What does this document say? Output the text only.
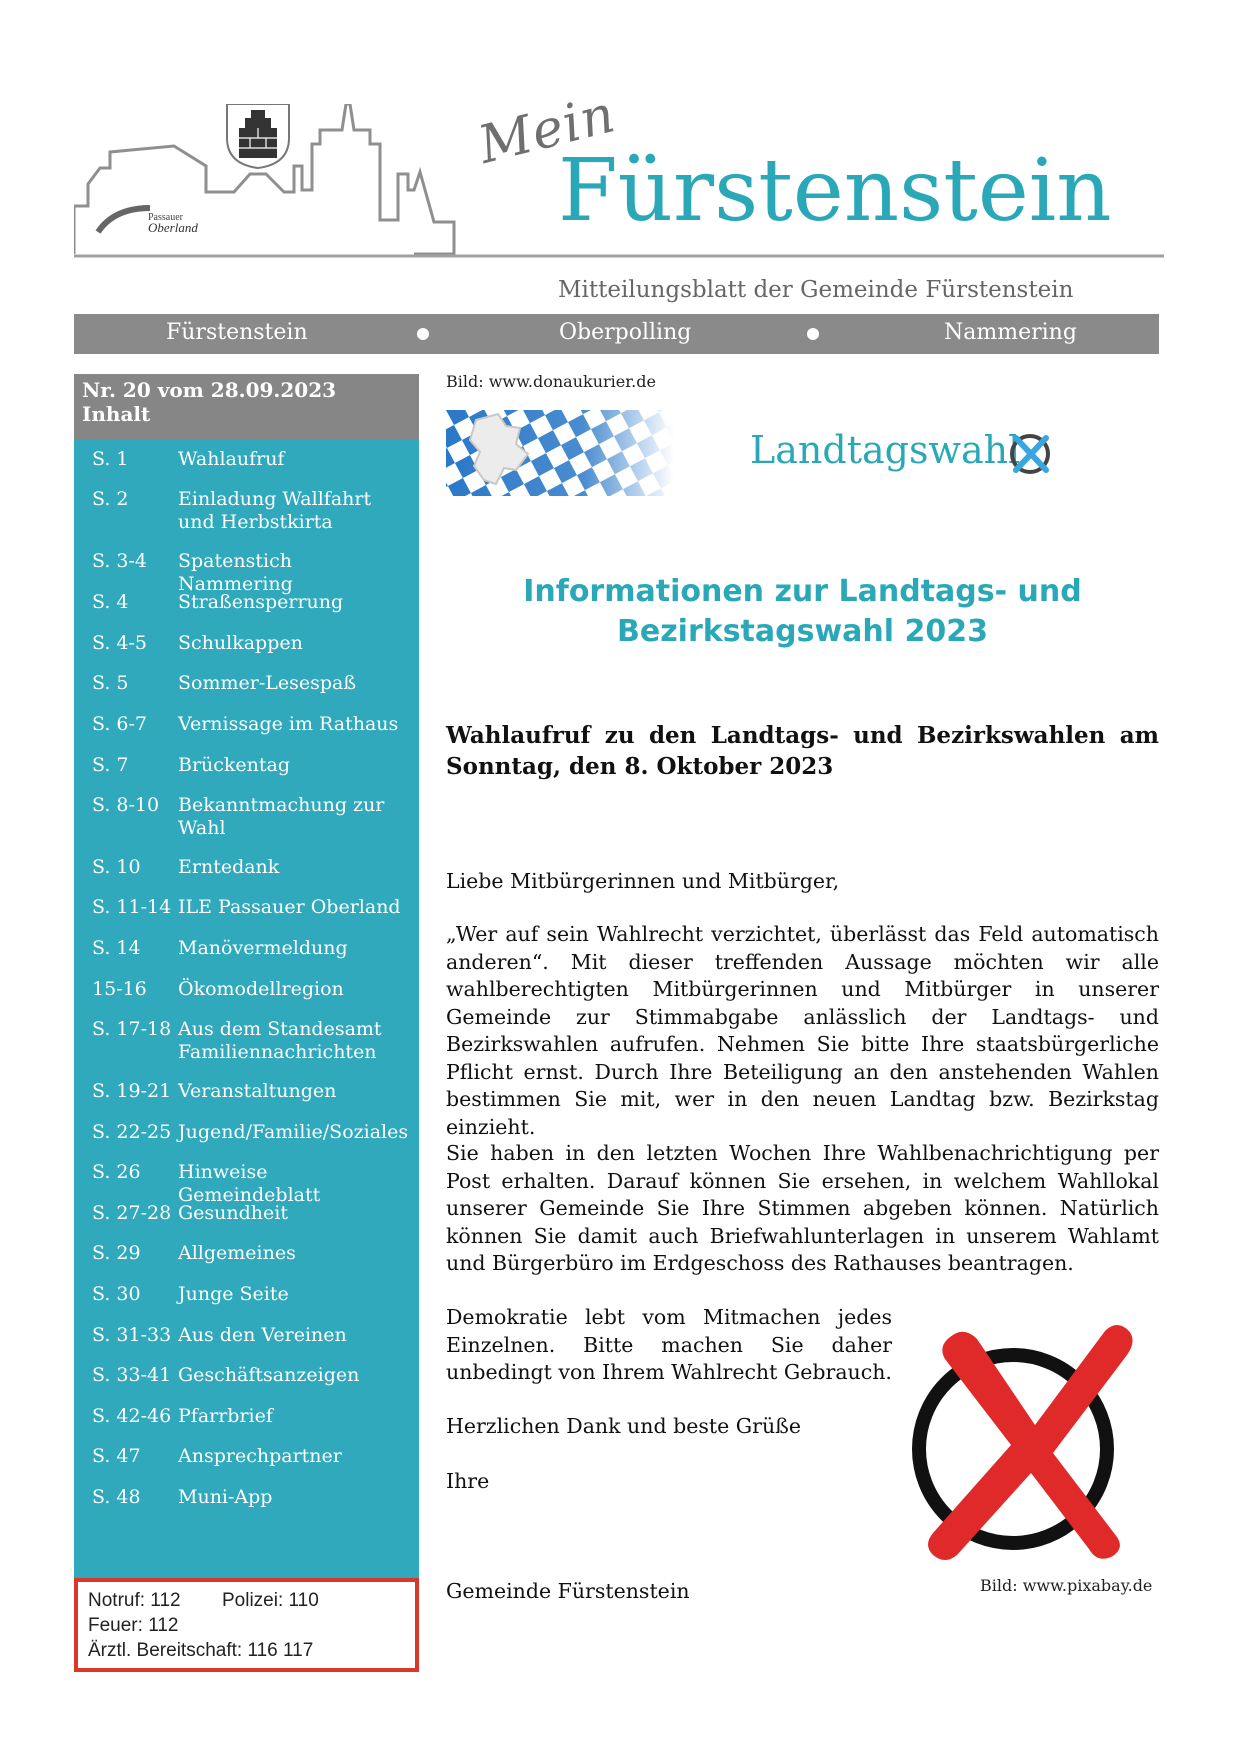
Passauer
Oberland
Mein
Fürstenstein
Mitteilungsblatt der Gemeinde Fürstenstein
Fürstenstein	Oberpolling	Nammering
Nr. 20 vom 28.09.2023
Inhalt
S. 1	Wahlaufruf
S. 2	Einladung Wallfahrt und Herbstkirta
S. 3-4	Spatenstich Nammering
S. 4	Straßensperrung
S. 4-5	Schulkappen
S. 5	Sommer-Lesespaß
S. 6-7	Vernissage im Rathaus
S. 7	Brückentag
S. 8-10 Bekanntmachung zur Wahl
S. 10	Erntedank
S. 11-14 ILE Passauer Oberland
S. 14	Manövermeldung
15-16	Ökomodellregion
S. 17-18 Aus dem Standesamt Familiennachrichten
S. 19-21 Veranstaltungen
S. 22-25 Jugend/Familie/Soziales
S. 26	Hinweise Gemeindeblatt
S. 27-28 Gesundheit
S. 29	Allgemeines
S. 30	Junge Seite
S. 31-33 Aus den Vereinen
S. 33-41 Geschäftsanzeigen
S. 42-46 Pfarrbrief
S. 47	Ansprechpartner
S. 48	Muni-App
Notruf: 112 Polizei: 110
Feuer: 112
Ärztl. Bereitschaft: 116 117
Bild: www.donaukurier.de
Landtagswahl
Informationen zur Landtags- und
Bezirkstagswahl 2023
Wahlaufruf zu den Landtags- und Bezirkswahlen am Sonntag, den 8. Oktober 2023
Liebe Mitbürgerinnen und Mitbürger,
„Wer auf sein Wahlrecht verzichtet, überlässt das Feld automatisch anderen“. Mit dieser treffenden Aussage möchten wir alle wahlberechtigten Mitbürgerinnen und Mitbürger in unserer Gemeinde zur Stimmabgabe anlässlich der Landtags- und Bezirkswahlen aufrufen. Nehmen Sie bitte Ihre staatsbürgerliche Pflicht ernst. Durch Ihre Beteiligung an den anstehenden Wahlen bestimmen Sie mit, wer in den neuen Landtag bzw. Bezirkstag einzieht.
Sie haben in den letzten Wochen Ihre Wahlbenachrichtigung per Post erhalten. Darauf können Sie ersehen, in welchem Wahllokal unserer Gemeinde Sie Ihre Stimmen abgeben können. Natürlich können Sie damit auch Briefwahlunterlagen in unserem Wahlamt und Bürgerbüro im Erdgeschoss des Rathauses beantragen.
Demokratie lebt vom Mitmachen jedes Einzelnen. Bitte machen Sie daher unbedingt von Ihrem Wahlrecht Gebrauch.
Herzlichen Dank und beste Grüße
Ihre
Gemeinde Fürstenstein	Bild: www.pixabay.de
